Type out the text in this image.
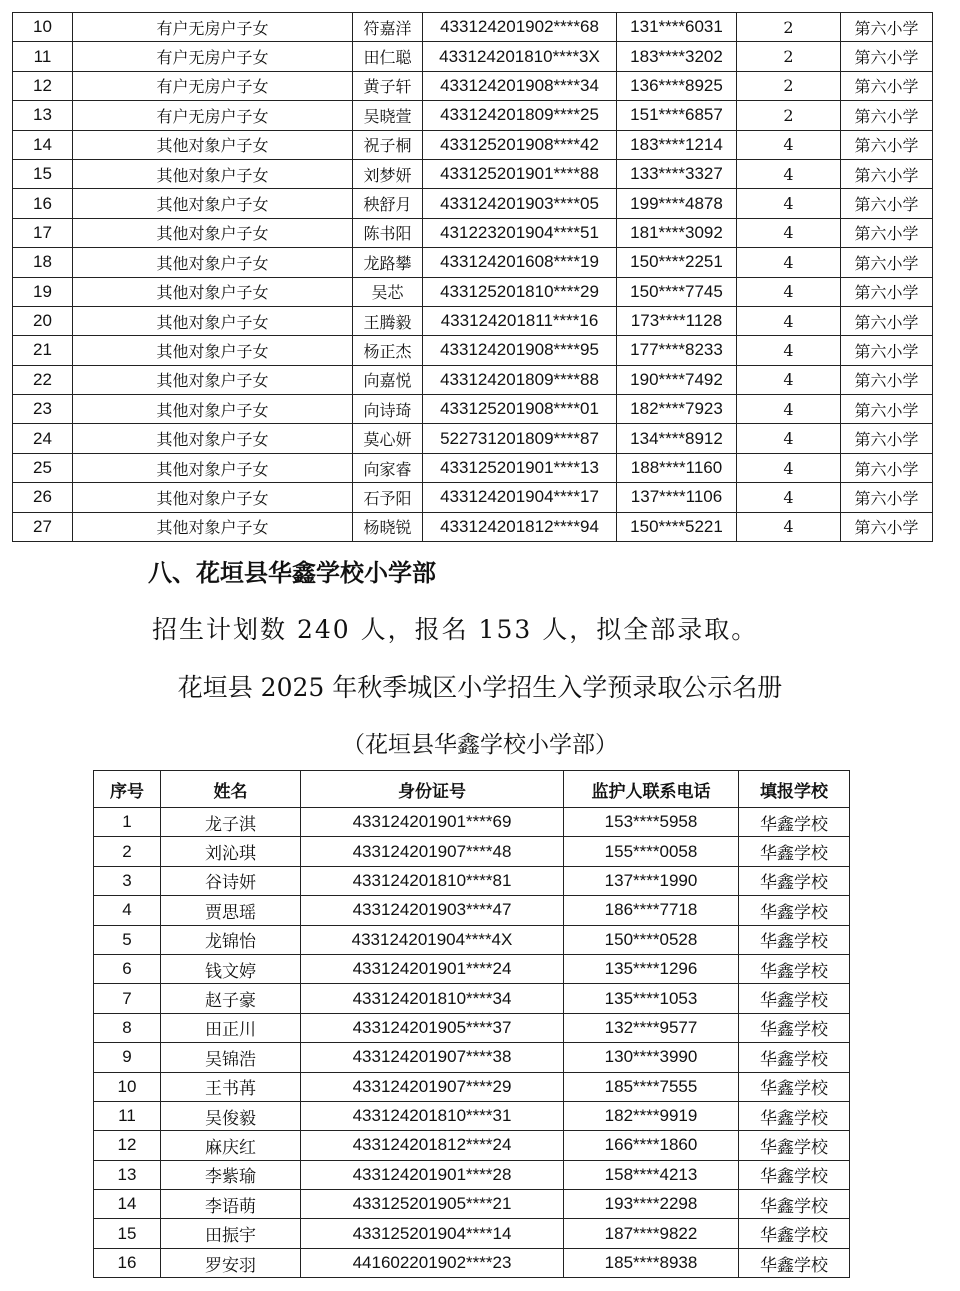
10	有户无房户子女	符嘉洋	433124201902****68	131****6031	2	第六小学
11	有户无房户子女	田仁聪	433124201810****3X	183****3202	2	第六小学
12	有户无房户子女	黄子轩	433124201908****34	136****8925	2	第六小学
13	有户无房户子女	吴晓萱	433124201809****25	151****6857	2	第六小学
14	其他对象户子女	祝子桐	433125201908****42	183****1214	4	第六小学
15	其他对象户子女	刘梦妍	433125201901****88	133****3327	4	第六小学
16	其他对象户子女	秧舒月	433124201903****05	199****4878	4	第六小学
17	其他对象户子女	陈书阳	431223201904****51	181****3092	4	第六小学
18	其他对象户子女	龙路攀	433124201608****19	150****2251	4	第六小学
19	其他对象户子女	吴芯	433125201810****29	150****7745	4	第六小学
20	其他对象户子女	王腾毅	433124201811****16	173****1128	4	第六小学
21	其他对象户子女	杨正杰	433124201908****95	177****8233	4	第六小学
22	其他对象户子女	向嘉悦	433124201809****88	190****7492	4	第六小学
23	其他对象户子女	向诗琦	433125201908****01	182****7923	4	第六小学
24	其他对象户子女	莫心妍	522731201809****87	134****8912	4	第六小学
25	其他对象户子女	向家睿	433125201901****13	188****1160	4	第六小学
26	其他对象户子女	石予阳	433124201904****17	137****1106	4	第六小学
27	其他对象户子女	杨晓锐	433124201812****94	150****5221	4	第六小学

八、花垣县华鑫学校小学部

招生计划数 240 人，报名 153 人，拟全部录取。

花垣县 2025 年秋季城区小学招生入学预录取公示名册

（花垣县华鑫学校小学部）

序号	姓名	身份证号	监护人联系电话	填报学校
1	龙子淇	433124201901****69	153****5958	华鑫学校
2	刘沁琪	433124201907****48	155****0058	华鑫学校
3	谷诗妍	433124201810****81	137****1990	华鑫学校
4	贾思瑶	433124201903****47	186****7718	华鑫学校
5	龙锦怡	433124201904****4X	150****0528	华鑫学校
6	钱文婷	433124201901****24	135****1296	华鑫学校
7	赵子豪	433124201810****34	135****1053	华鑫学校
8	田正川	433124201905****37	132****9577	华鑫学校
9	吴锦浩	433124201907****38	130****3990	华鑫学校
10	王书苒	433124201907****29	185****7555	华鑫学校
11	吴俊毅	433124201810****31	182****9919	华鑫学校
12	麻庆红	433124201812****24	166****1860	华鑫学校
13	李紫瑜	433124201901****28	158****4213	华鑫学校
14	李语萌	433125201905****21	193****2298	华鑫学校
15	田振宇	433125201904****14	187****9822	华鑫学校
16	罗安羽	441602201902****23	185****8938	华鑫学校
